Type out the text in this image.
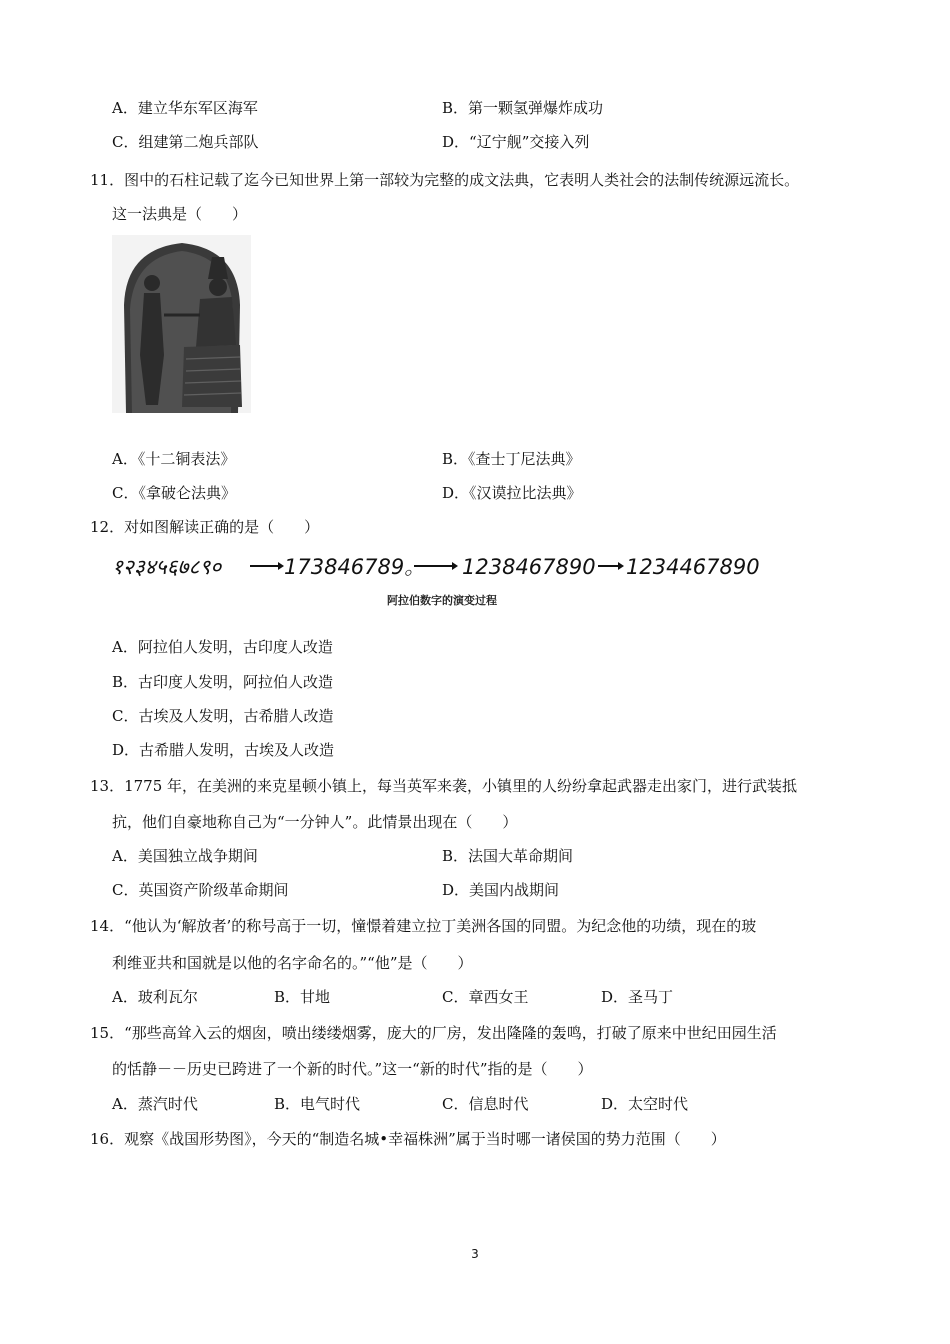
A．建立华东军区海军	B．第一颗氢弹爆炸成功
C．组建第二炮兵部队	D．“辽宁舰”交接入列
11．图中的石柱记载了迄今已知世界上第一部较为完整的成文法典，它表明人类社会的法制传统源远流长。
这一法典是（　　）
A．《十二铜表法》	B．《查士丁尼法典》
C．《拿破仑法典》	D．《汉谟拉比法典》
12．对如图解读正确的是（　　）
१२३४५६७८९०	173846789。 1238467890 1234467890
阿拉伯数字的演变过程
A．阿拉伯人发明，古印度人改造
B．古印度人发明，阿拉伯人改造
C．古埃及人发明，古希腊人改造
D．古希腊人发明，古埃及人改造
13．1775 年，在美洲的来克星顿小镇上，每当英军来袭，小镇里的人纷纷拿起武器走出家门，进行武装抵
抗，他们自豪地称自己为“一分钟人”。此情景出现在（　　）
A．美国独立战争期间	B．法国大革命期间
C．英国资产阶级革命期间	D．美国内战期间
14．“他认为‘解放者’的称号高于一切，憧憬着建立拉丁美洲各国的同盟。为纪念他的功绩，现在的玻
利维亚共和国就是以他的名字命名的。”“他”是（　　）
A．玻利瓦尔	B．甘地	C．章西女王	D．圣马丁
15．“那些高耸入云的烟囱，喷出缕缕烟雾，庞大的厂房，发出隆隆的轰鸣，打破了原来中世纪田园生活
的恬静－－历史已跨进了一个新的时代。”这一“新的时代”指的是（　　）
A．蒸汽时代	B．电气时代	C．信息时代	D．太空时代
16．观察《战国形势图》，今天的“制造名城•幸福株洲”属于当时哪一诸侯国的势力范围（　　）
3
